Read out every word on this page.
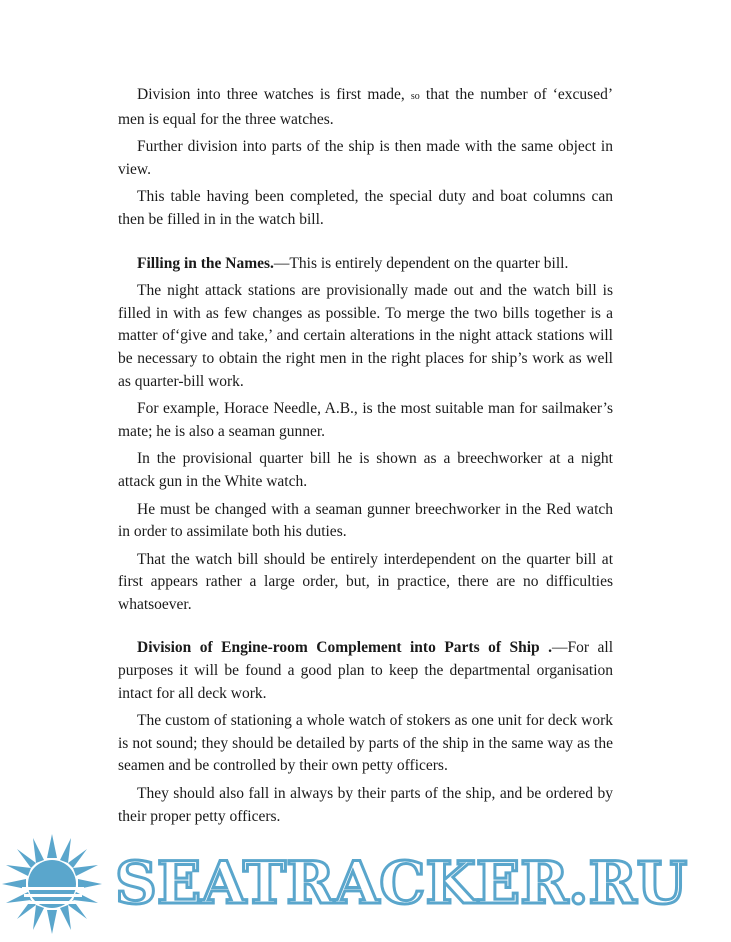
Division into three watches is first made, so that the number of ‘excused’ men is equal for the three watches.

Further division into parts of the ship is then made with the same object in view.

This table having been completed, the special duty and boat columns can then be filled in in the watch bill.

Filling in the Names.—This is entirely dependent on the quarter bill.

The night attack stations are provisionally made out and the watch bill is filled in with as few changes as possible. To merge the two bills together is a matter of‘give and take,’ and certain alterations in the night attack stations will be necessary to obtain the right men in the right places for ship’s work as well as quarter-bill work.

For example, Horace Needle, A.B., is the most suitable man for sailmaker’s mate; he is also a seaman gunner.

In the provisional quarter bill he is shown as a breechworker at a night attack gun in the White watch.

He must be changed with a seaman gunner breechworker in the Red watch in order to assimilate both his duties.

That the watch bill should be entirely interdependent on the quarter bill at first appears rather a large order, but, in practice, there are no difficulties whatsoever.

Division of Engine-room Complement into Parts of Ship .—For all purposes it will be found a good plan to keep the departmental organisation intact for all deck work.

The custom of stationing a whole watch of stokers as one unit for deck work is not sound; they should be detailed by parts of the ship in the same way as the seamen and be controlled by their own petty officers.

They should also fall in always by their parts of the ship, and be ordered by their proper petty officers.

SEATRACKER.RU
